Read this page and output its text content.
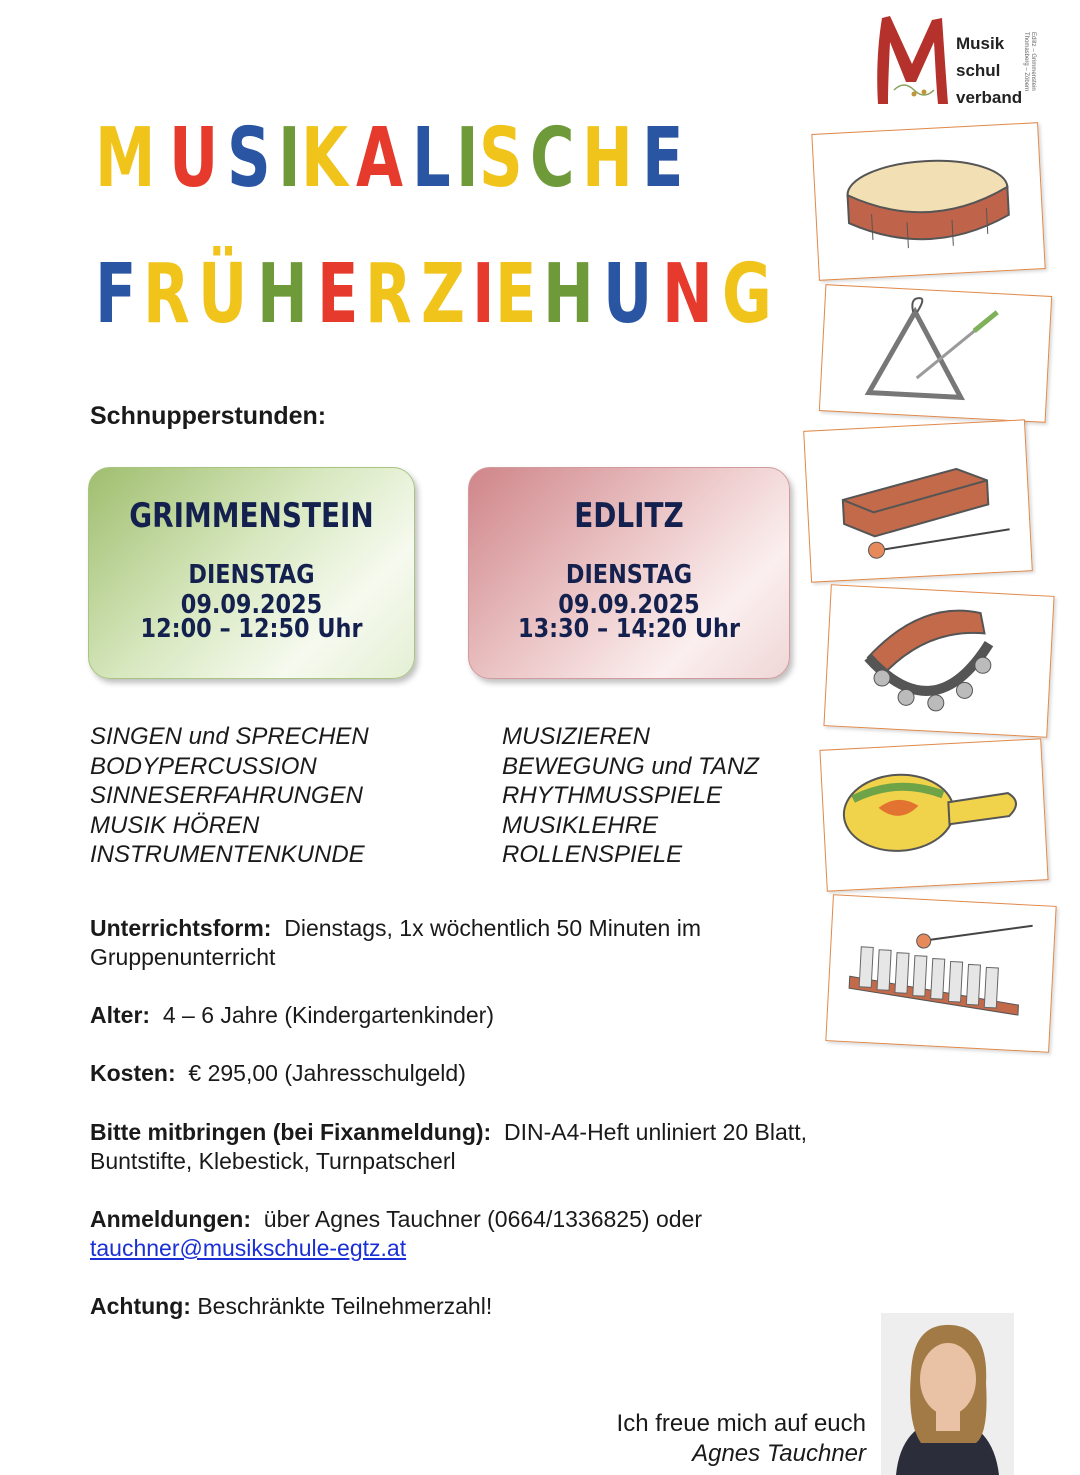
Musik
schul
verband
Edlitz – Grimmenstein Thomasberg – Zöbern
M USIKALISCHE
FRÜHERZIEHUNG
Schnupperstunden:
GRIMMENSTEIN
DIENSTAG 09.09.2025
12:00 – 12:50 Uhr
EDLITZ
DIENSTAG 09.09.2025
13:30 – 14:20 Uhr
SINGEN und SPRECHEN
BODYPERCUSSION
SINNESERFAHRUNGEN
MUSIK HÖREN
INSTRUMENTENKUNDE
MUSIZIEREN
BEWEGUNG und TANZ
RHYTHMUSSPIELE
MUSIKLEHRE
ROLLENSPIELE
Unterrichtsform: Dienstags, 1x wöchentlich 50 Minuten im Gruppenunterricht
Alter: 4 – 6 Jahre (Kindergartenkinder)
Kosten: € 295,00 (Jahresschulgeld)
Bitte mitbringen (bei Fixanmeldung): DIN-A4-Heft unliniert 20 Blatt, Buntstifte, Klebestick, Turnpatscherl
Anmeldungen: über Agnes Tauchner (0664/1336825) oder
tauchner@musikschule-egtz.at
Achtung: Beschränkte Teilnehmerzahl!
Ich freue mich auf euch
Agnes Tauchner
